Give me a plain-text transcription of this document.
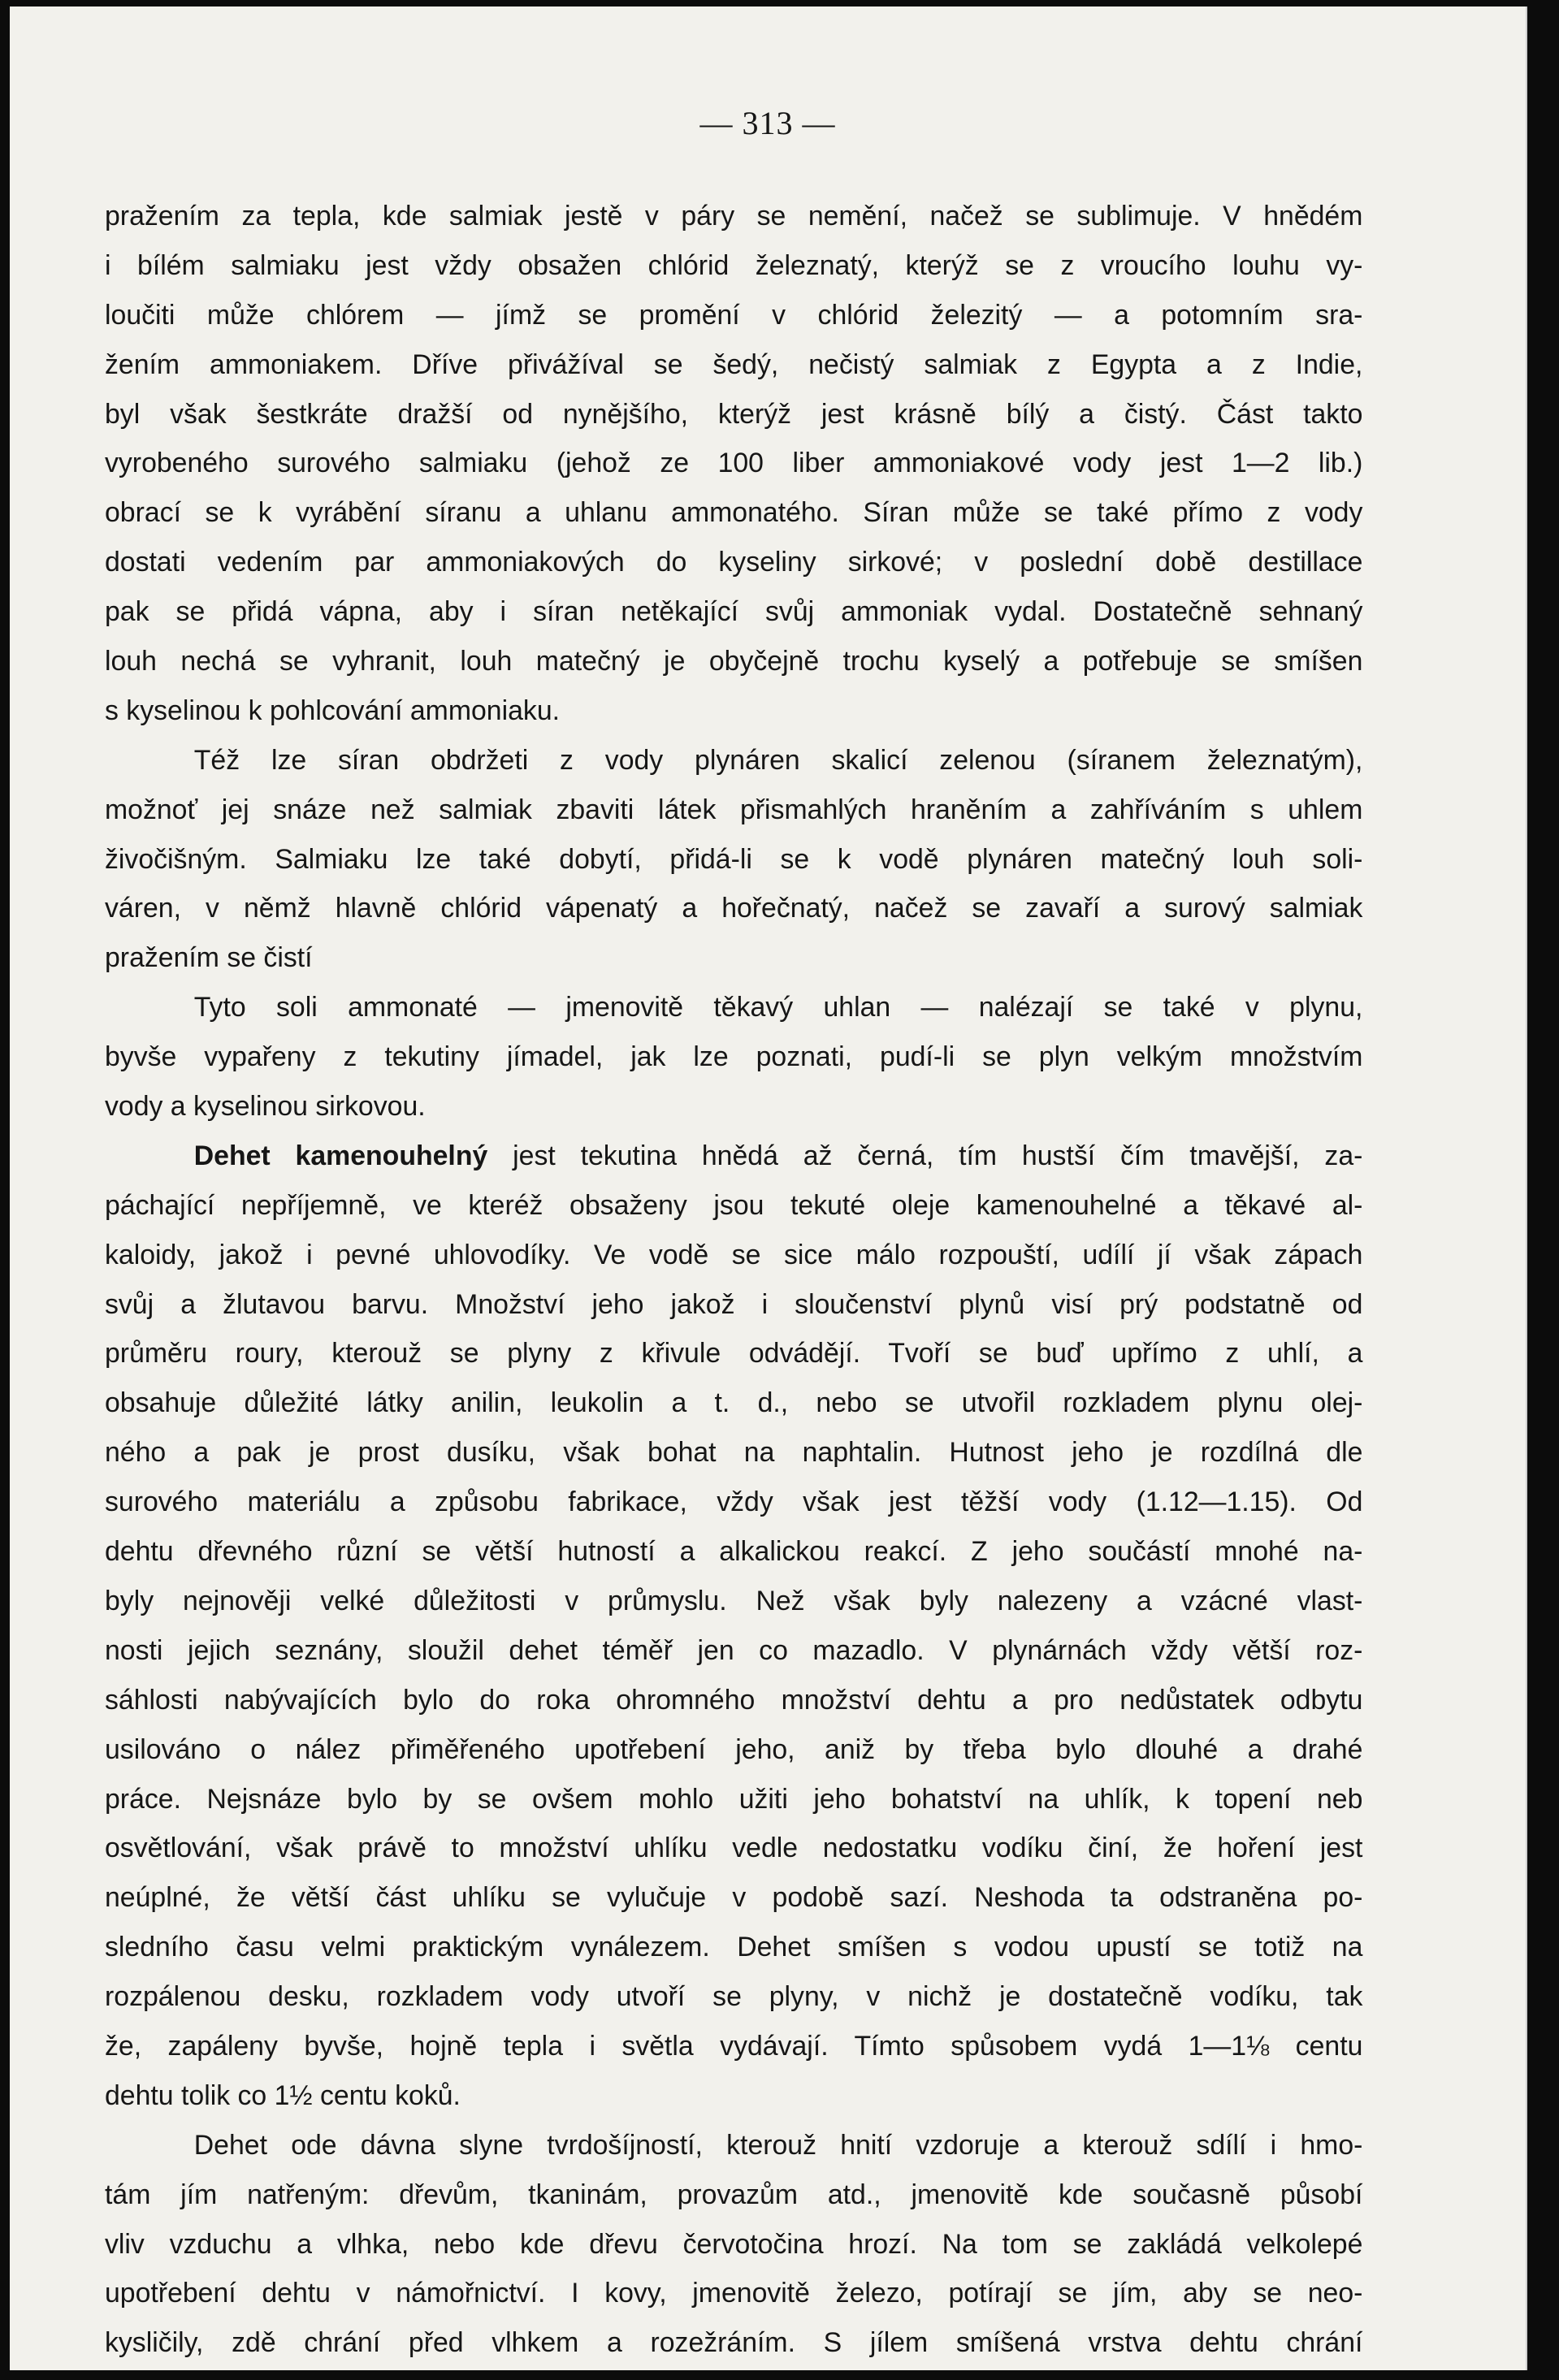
— 313 —
pražením za tepla, kde salmiak jestě v páry se nemění, načež se sublimuje. V hnědém
i bílém salmiaku jest vždy obsažen chlórid železnatý, kterýž se z vroucího louhu vy-
loučiti může chlórem — jímž se promění v chlórid železitý — a potomním sra-
žením ammoniakem. Dříve přivážíval se šedý, nečistý salmiak z Egypta a z Indie,
byl však šestkráte dražší od nynějšího, kterýž jest krásně bílý a čistý. Část takto
vyrobeného surového salmiaku (jehož ze 100 liber ammoniakové vody jest 1—2 lib.)
obrací se k vyrábění síranu a uhlanu ammonatého. Síran může se také přímo z vody
dostati vedením par ammoniakových do kyseliny sirkové; v poslední době destillace
pak se přidá vápna, aby i síran netěkající svůj ammoniak vydal. Dostatečně sehnaný
louh nechá se vyhranit, louh matečný je obyčejně trochu kyselý a potřebuje se smíšen
s kyselinou k pohlcování ammoniaku.
Též lze síran obdržeti z vody plynáren skalicí zelenou (síranem železnatým),
možnoť jej snáze než salmiak zbaviti látek přismahlých hraněním a zahříváním s uhlem
živočišným. Salmiaku lze také dobytí, přidá-li se k vodě plynáren matečný louh soli-
váren, v němž hlavně chlórid vápenatý a hořečnatý, načež se zavaří a surový salmiak
pražením se čistí
Tyto soli ammonaté — jmenovitě těkavý uhlan — nalézají se také v plynu,
byvše vypařeny z tekutiny jímadel, jak lze poznati, pudí-li se plyn velkým množstvím
vody a kyselinou sirkovou.
Dehet kamenouhelný jest tekutina hnědá až černá, tím hustší čím tmavější, za-
páchající nepříjemně, ve kteréž obsaženy jsou tekuté oleje kamenouhelné a těkavé al-
kaloidy, jakož i pevné uhlovodíky. Ve vodě se sice málo rozpouští, udílí jí však zápach
svůj a žlutavou barvu. Množství jeho jakož i sloučenství plynů visí prý podstatně od
průměru roury, kterouž se plyny z křivule odvádějí. Tvoří se buď upřímo z uhlí, a
obsahuje důležité látky anilin, leukolin a t. d., nebo se utvořil rozkladem plynu olej-
ného a pak je prost dusíku, však bohat na naphtalin. Hutnost jeho je rozdílná dle
surového materiálu a způsobu fabrikace, vždy však jest těžší vody (1.12—1.15). Od
dehtu dřevného různí se větší hutností a alkalickou reakcí. Z jeho součástí mnohé na-
byly nejnověji velké důležitosti v průmyslu. Než však byly nalezeny a vzácné vlast-
nosti jejich seznány, sloužil dehet téměř jen co mazadlo. V plynárnách vždy větší roz-
sáhlosti nabývajících bylo do roka ohromného množství dehtu a pro nedůstatek odbytu
usilováno o nález přiměřeného upotřebení jeho, aniž by třeba bylo dlouhé a drahé
práce. Nejsnáze bylo by se ovšem mohlo užiti jeho bohatství na uhlík, k topení neb
osvětlování, však právě to množství uhlíku vedle nedostatku vodíku činí, že hoření jest
neúplné, že větší část uhlíku se vylučuje v podobě sazí. Neshoda ta odstraněna po-
sledního času velmi praktickým vynálezem. Dehet smíšen s vodou upustí se totiž na
rozpálenou desku, rozkladem vody utvoří se plyny, v nichž je dostatečně vodíku, tak
že, zapáleny byvše, hojně tepla i světla vydávají. Tímto spůsobem vydá 1—1⅛ centu
dehtu tolik co 1½ centu koků.
Dehet ode dávna slyne tvrdošíjností, kterouž hnití vzdoruje a kterouž sdílí i hmo-
tám jím natřeným: dřevům, tkaninám, provazům atd., jmenovitě kde současně působí
vliv vzduchu a vlhka, nebo kde dřevu červotočina hrozí. Na tom se zakládá velkolepé
upotřebení dehtu v námořnictví. I kovy, jmenovitě železo, potírají se jím, aby se neo-
kysličily, zdě chrání před vlhkem a rozežráním. S jílem smíšená vrstva dehtu chrání
